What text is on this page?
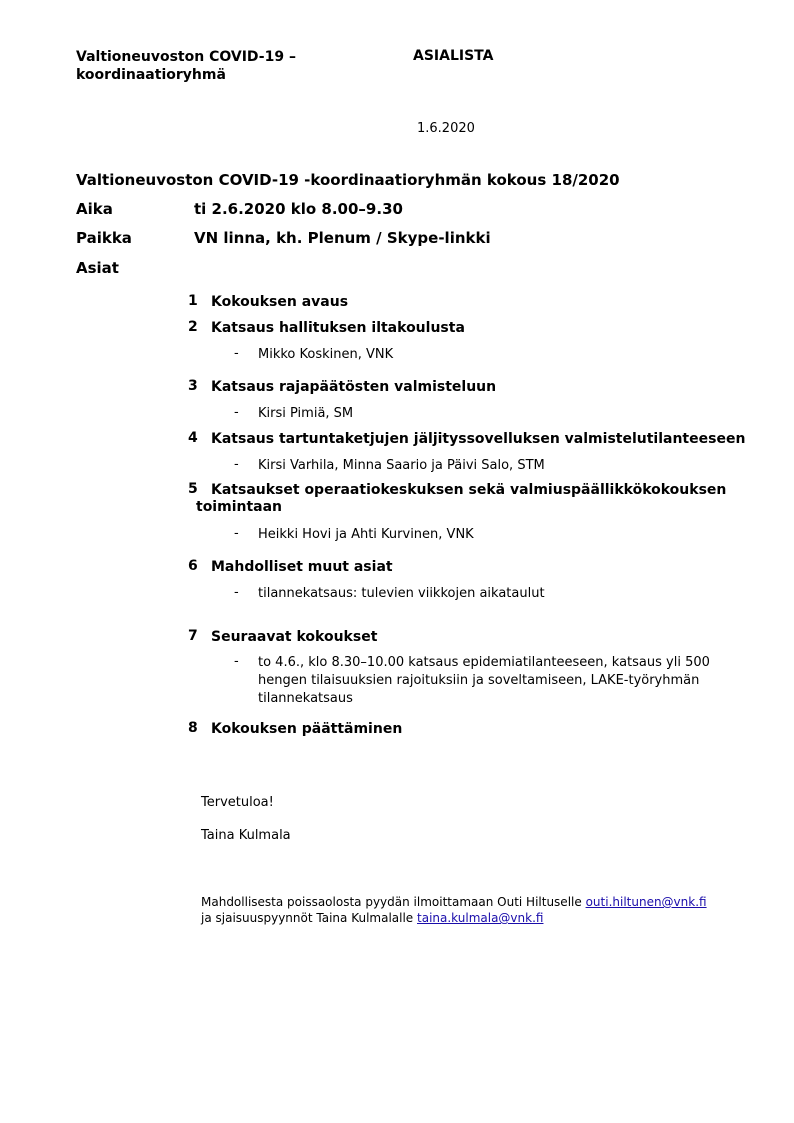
Valtioneuvoston COVID-19 –
koordinaatioryhmä
ASIALISTA
1.6.2020
Valtioneuvoston COVID-19 -koordinaatioryhmän kokous 18/2020
Aika	ti 2.6.2020 klo 8.00–9.30
Paikka	VN linna, kh. Plenum / Skype-linkki
Asiat
1 Kokouksen avaus
2 Katsaus hallituksen iltakoulusta
- Mikko Koskinen, VNK
3 Katsaus rajapäätösten valmisteluun
- Kirsi Pimiä, SM
4 Katsaus tartuntaketjujen jäljityssovelluksen valmistelutilanteeseen
- Kirsi Varhila, Minna Saario ja Päivi Salo, STM
5 Katsaukset operaatiokeskuksen sekä valmiuspäällikkökokouksen
toimintaan
- Heikki Hovi ja Ahti Kurvinen, VNK
6 Mahdolliset muut asiat
- tilannekatsaus: tulevien viikkojen aikataulut
7 Seuraavat kokoukset
- to 4.6., klo 8.30–10.00 katsaus epidemiatilanteeseen, katsaus yli 500
hengen tilaisuuksien rajoituksiin ja soveltamiseen, LAKE-työryhmän
tilannekatsaus
8 Kokouksen päättäminen
Tervetuloa!
Taina Kulmala
Mahdollisesta poissaolosta pyydän ilmoittamaan Outi Hiltuselle outi.hiltunen@vnk.fi
ja sjaisuuspyynnöt Taina Kulmalalle taina.kulmala@vnk.fi
